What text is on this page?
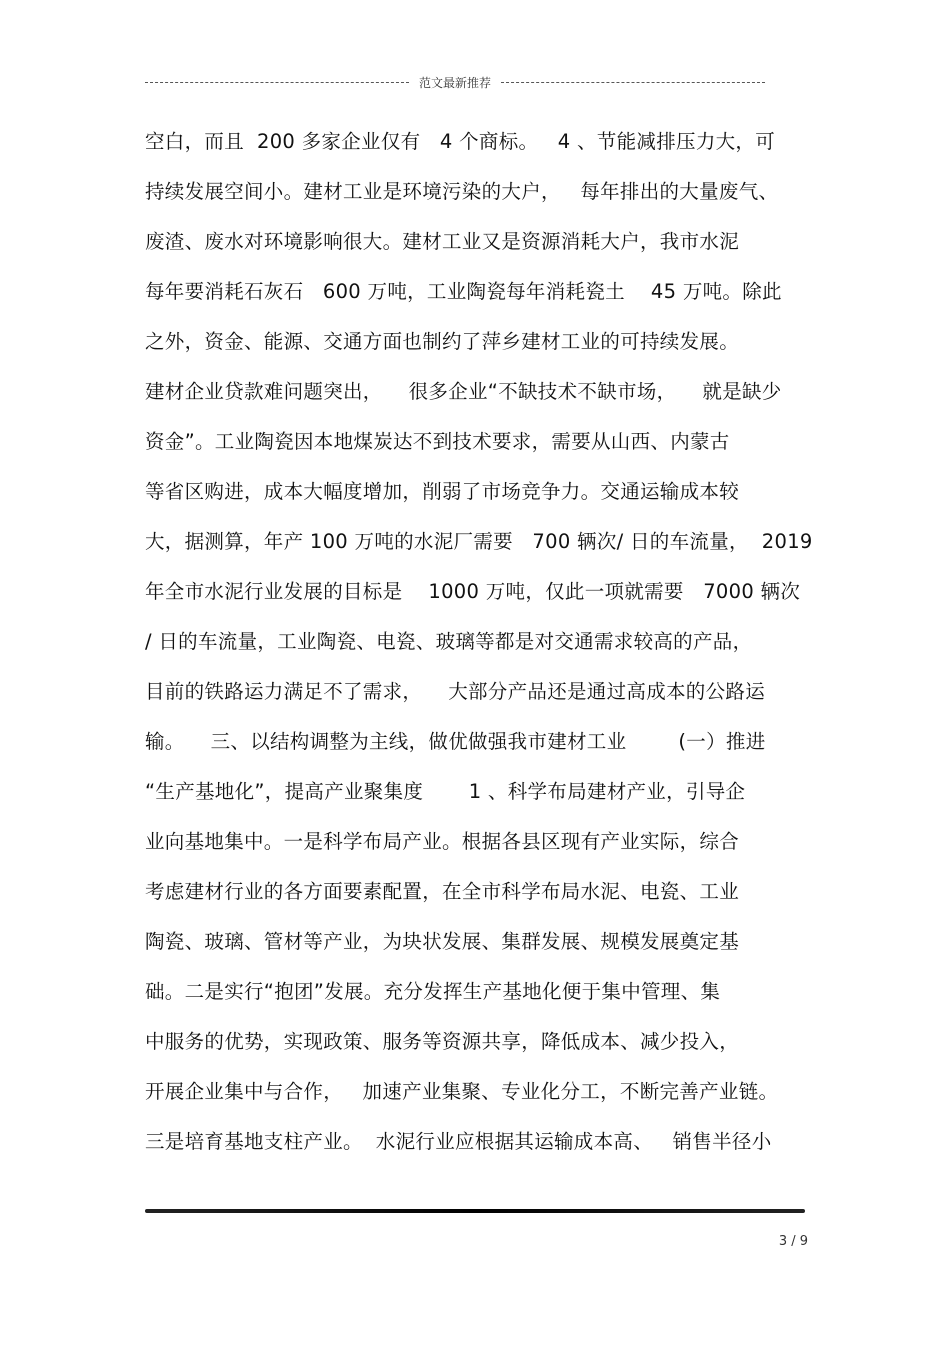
范文最新推荐
空白，而且  200 多家企业仅有   4 个商标。   4 、节能减排压力大，可
持续发展空间小。建材工业是环境污染的大户，   每年排出的大量废气、
废渣、废水对环境影响很大。建材工业又是资源消耗大户，我市水泥
每年要消耗石灰石   600 万吨，工业陶瓷每年消耗瓷土    45 万吨。除此
之外，资金、能源、交通方面也制约了萍乡建材工业的可持续发展。
建材企业贷款难问题突出，    很多企业“不缺技术不缺市场，    就是缺少
资金”。工业陶瓷因本地煤炭达不到技术要求，需要从山西、内蒙古
等省区购进，成本大幅度增加，削弱了市场竞争力。交通运输成本较
大，据测算，年产 100 万吨的水泥厂需要   700 辆次/ 日的车流量，  2019
年全市水泥行业发展的目标是    1000 万吨，仅此一项就需要   7000 辆次
/ 日的车流量，工业陶瓷、电瓷、玻璃等都是对交通需求较高的产品，
目前的铁路运力满足不了需求，    大部分产品还是通过高成本的公路运
输。    三、以结构调整为主线，做优做强我市建材工业        (一）推进
“生产基地化”，提高产业聚集度       1 、科学布局建材产业，引导企
业向基地集中。一是科学布局产业。根据各县区现有产业实际，综合
考虑建材行业的各方面要素配置，在全市科学布局水泥、电瓷、工业
陶瓷、玻璃、管材等产业，为块状发展、集群发展、规模发展奠定基
础。二是实行“抱团”发展。充分发挥生产基地化便于集中管理、集
中服务的优势，实现政策、服务等资源共享，降低成本、减少投入，
开展企业集中与合作，   加速产业集聚、专业化分工，不断完善产业链。
三是培育基地支柱产业。  水泥行业应根据其运输成本高、   销售半径小
3 / 9
